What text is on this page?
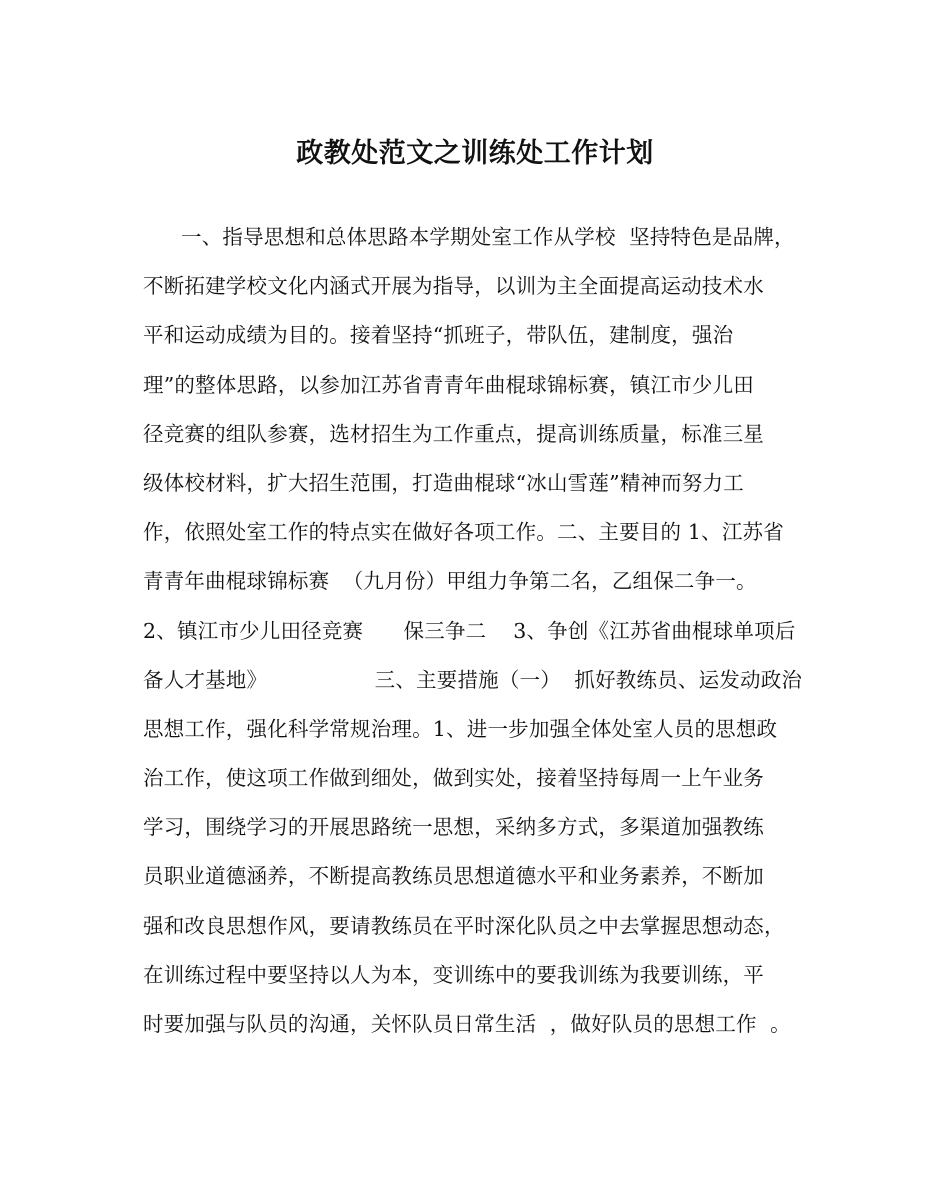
政教处范文之训练处工作计划
一、指导思想和总体思路本学期处室工作从学校  坚持特色是品牌，
不断拓建学校文化内涵式开展为指导，以训为主全面提高运动技术水
平和运动成绩为目的。接着坚持“抓班子，带队伍，建制度，强治
理”的整体思路，以参加江苏省青青年曲棍球锦标赛，镇江市少儿田
径竞赛的组队参赛，选材招生为工作重点，提高训练质量，标准三星
级体校材料，扩大招生范围，打造曲棍球“冰山雪莲”精神而努力工
作，依照处室工作的特点实在做好各项工作。二、主要目的 1、江苏省
青青年曲棍球锦标赛  （九月份）甲组力争第二名，乙组保二争一。
2、镇江市少儿田径竞赛      保三争二    3、争创《江苏省曲棍球单项后
备人才基地》                三、主要措施（一）  抓好教练员、运发动政治
思想工作，强化科学常规治理。1、进一步加强全体处室人员的思想政
治工作，使这项工作做到细处，做到实处，接着坚持每周一上午业务
学习，围绕学习的开展思路统一思想，采纳多方式，多渠道加强教练
员职业道德涵养，不断提高教练员思想道德水平和业务素养，不断加
强和改良思想作风，要请教练员在平时深化队员之中去掌握思想动态，
在训练过程中要坚持以人为本，变训练中的要我训练为我要训练，平
时要加强与队员的沟通，关怀队员日常生活  ，做好队员的思想工作  。
